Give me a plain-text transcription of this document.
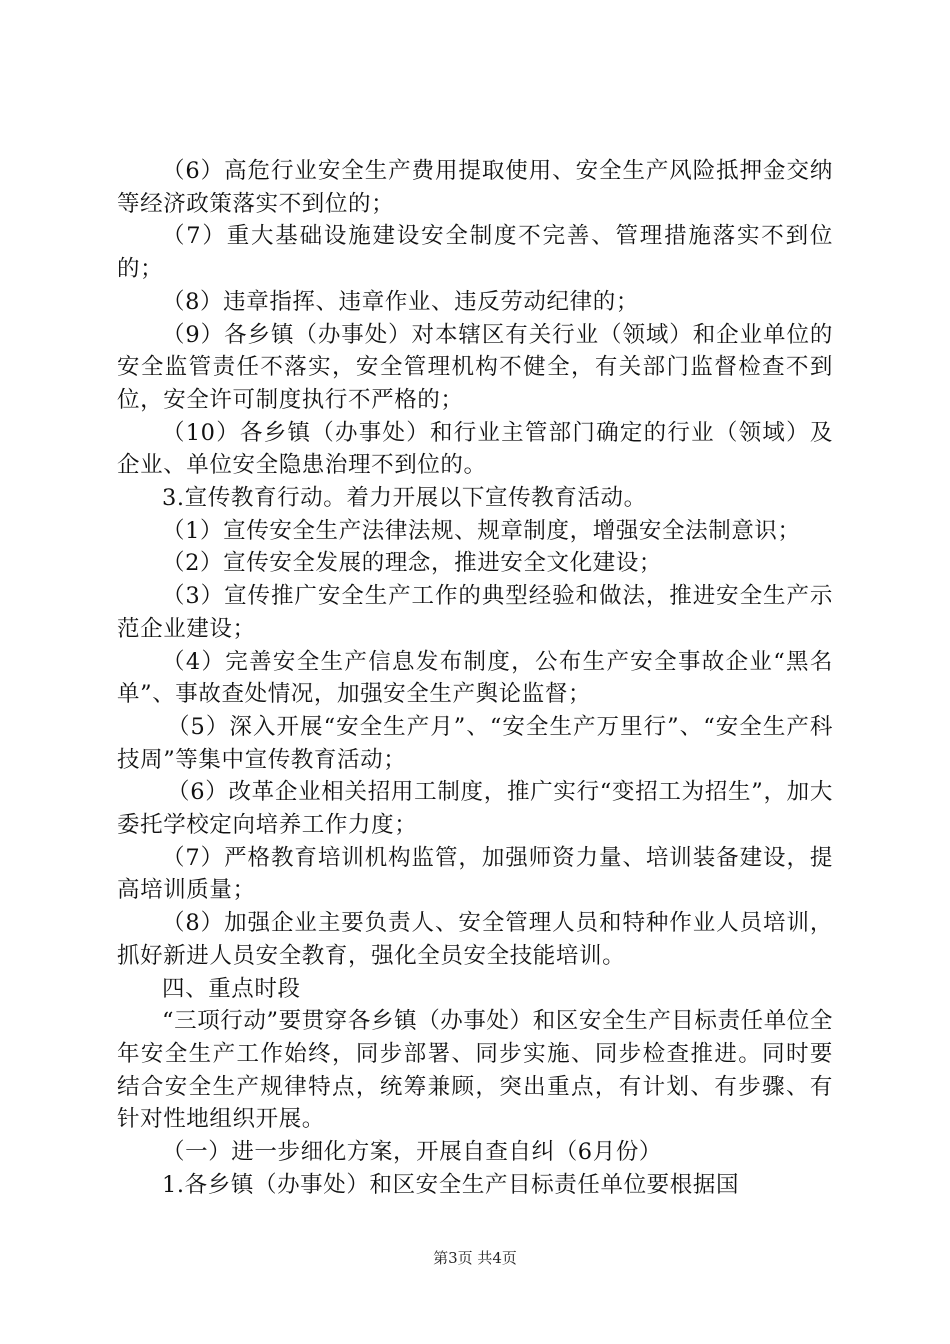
（6）高危行业安全生产费用提取使用、安全生产风险抵押金交纳等经济政策落实不到位的；

（7）重大基础设施建设安全制度不完善、管理措施落实不到位的；

（8）违章指挥、违章作业、违反劳动纪律的；

（9）各乡镇（办事处）对本辖区有关行业（领域）和企业单位的安全监管责任不落实，安全管理机构不健全，有关部门监督检查不到位，安全许可制度执行不严格的；

（10）各乡镇（办事处）和行业主管部门确定的行业（领域）及企业、单位安全隐患治理不到位的。

3.宣传教育行动。着力开展以下宣传教育活动。

（1）宣传安全生产法律法规、规章制度，增强安全法制意识；

（2）宣传安全发展的理念，推进安全文化建设；

（3）宣传推广安全生产工作的典型经验和做法，推进安全生产示范企业建设；

（4）完善安全生产信息发布制度，公布生产安全事故企业“黑名单”、事故查处情况，加强安全生产舆论监督；

（5）深入开展“安全生产月”、“安全生产万里行”、“安全生产科技周”等集中宣传教育活动；

（6）改革企业相关招用工制度，推广实行“变招工为招生”，加大委托学校定向培养工作力度；

（7）严格教育培训机构监管，加强师资力量、培训装备建设，提高培训质量；

（8）加强企业主要负责人、安全管理人员和特种作业人员培训，抓好新进人员安全教育，强化全员安全技能培训。

四、重点时段

“三项行动”要贯穿各乡镇（办事处）和区安全生产目标责任单位全年安全生产工作始终，同步部署、同步实施、同步检查推进。同时要结合安全生产规律特点，统筹兼顾，突出重点，有计划、有步骤、有针对性地组织开展。

（一）进一步细化方案，开展自查自纠（6月份）

1.各乡镇（办事处）和区安全生产目标责任单位要根据国

第3页 共4页
